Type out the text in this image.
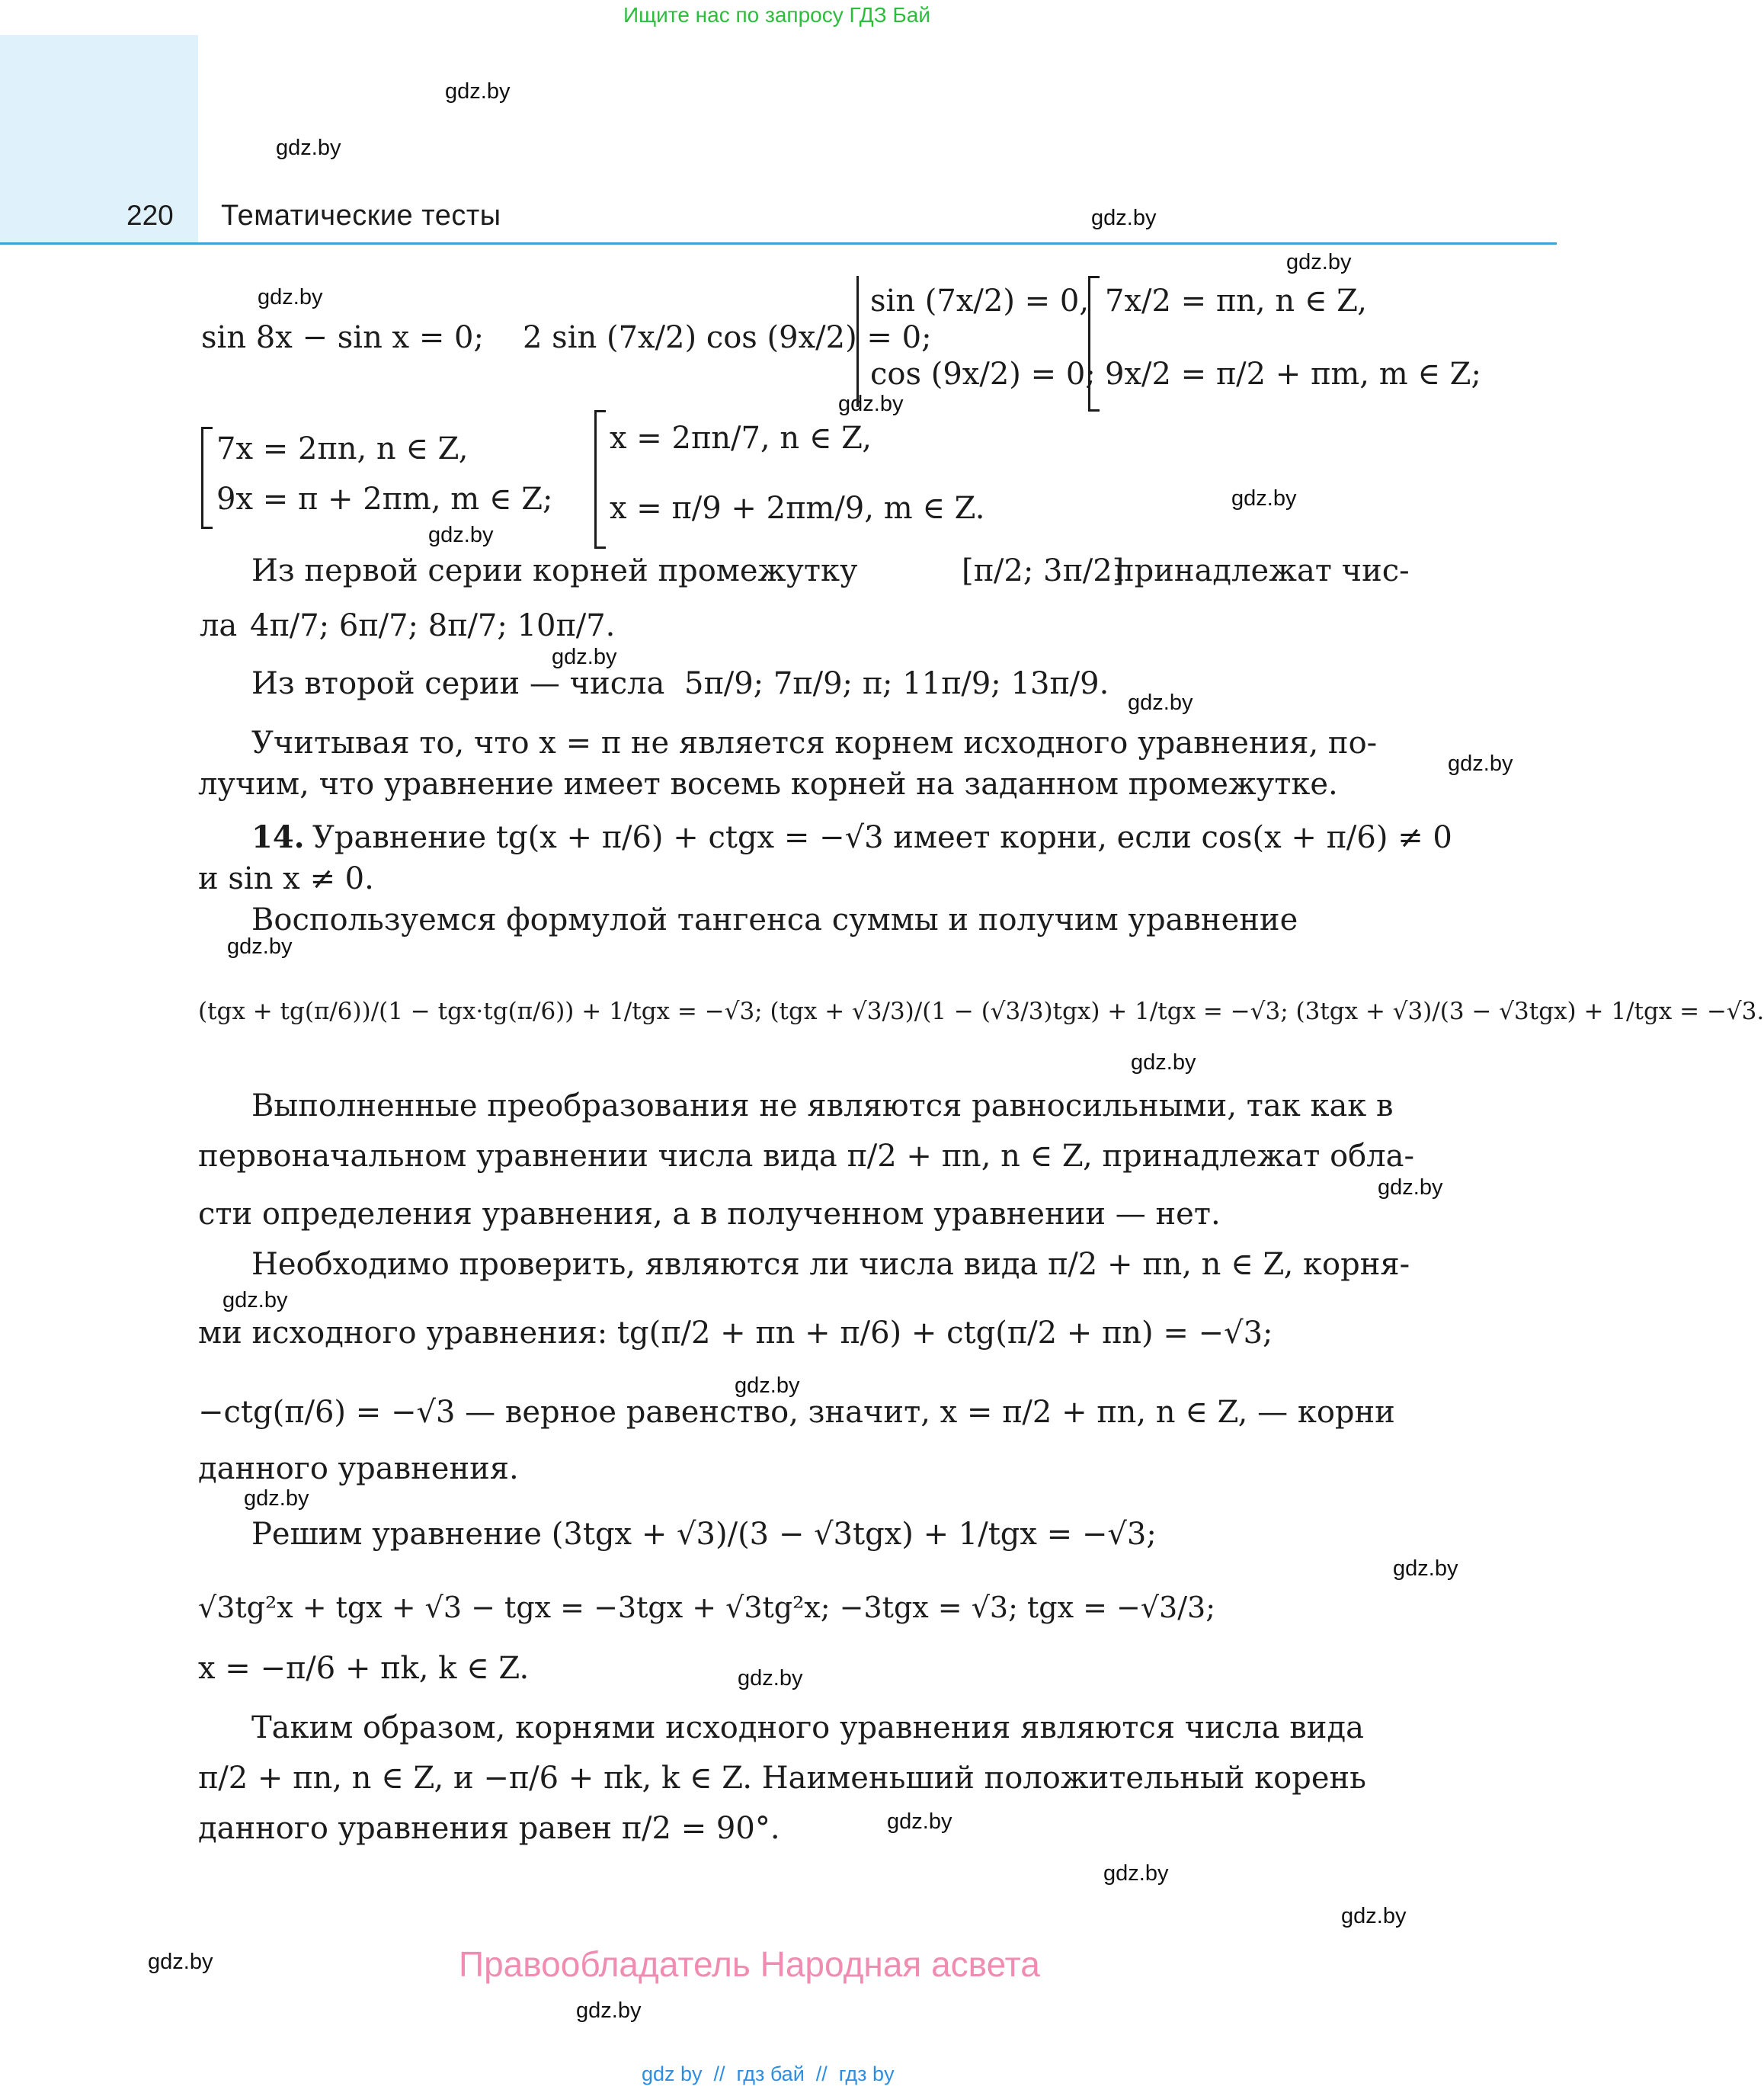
Ищите нас по запросу ГДЗ Бай
220 Тематические тесты
gdz.by
gdz.by
gdz.by
gdz.by
gdz.by
gdz.by
gdz.by
gdz.by
gdz.by
gdz.by
gdz.by
gdz.by
gdz.by
gdz.by
gdz.by
gdz.by
gdz.by
gdz.by
gdz.by
gdz.by
gdz.by
gdz.by
gdz.by
gdz.by
sin 8x − sin x = 0; 2 sin (7x/2) cos (9x/2) = 0;
sin (7x/2) = 0,
cos (9x/2) = 0;
7x/2 = πn, n ∈ Z,
9x/2 = π/2 + πm, m ∈ Z;
7x = 2πn, n ∈ Z,
9x = π + 2πm, m ∈ Z;
x = 2πn/7, n ∈ Z,
x = π/9 + 2πm/9, m ∈ Z.
Из первой серии корней промежутку	[π/2; 3π/2]
принадлежат чис-
ла 4π/7; 6π/7; 8π/7; 10π/7.
Из второй серии — числа 5π/9; 7π/9; π; 11π/9; 13π/9.
Учитывая то, что x = π не является корнем исходного уравнения, по-
лучим, что уравнение имеет восемь корней на заданном промежутке.
14. Уравнение tg(x + π/6) + ctgx = −√3 имеет корни, если cos(x + π/6) ≠ 0
и sin x ≠ 0.
Воспользуемся формулой тангенса суммы и получим уравнение
(tgx + tg(π/6))/(1 − tgx·tg(π/6)) + 1/tgx = −√3; (tgx + √3/3)/(1 − (√3/3)tgx) + 1/tgx = −√3; (3tgx + √3)/(3 − √3tgx) + 1/tgx = −√3.
Выполненные преобразования не являются равносильными, так как в
первоначальном уравнении числа вида π/2 + πn, n ∈ Z, принадлежат обла-
сти определения уравнения, а в полученном уравнении — нет.
Необходимо проверить, являются ли числа вида π/2 + πn, n ∈ Z, корня-
ми исходного уравнения: tg(π/2 + πn + π/6) + ctg(π/2 + πn) = −√3;
−ctg(π/6) = −√3 — верное равенство, значит, x = π/2 + πn, n ∈ Z, — корни
данного уравнения.
Решим уравнение (3tgx + √3)/(3 − √3tgx) + 1/tgx = −√3;
√3tg²x + tgx + √3 − tgx = −3tgx + √3tg²x; −3tgx = √3; tgx = −√3/3;
x = −π/6 + πk, k ∈ Z.
Таким образом, корнями исходного уравнения являются числа вида
π/2 + πn, n ∈ Z, и −π/6 + πk, k ∈ Z. Наименьший положительный корень
данного уравнения равен π/2 = 90°.
Правообладатель Народная асвета
gdz by  //  гдз бай  //  гдз by
